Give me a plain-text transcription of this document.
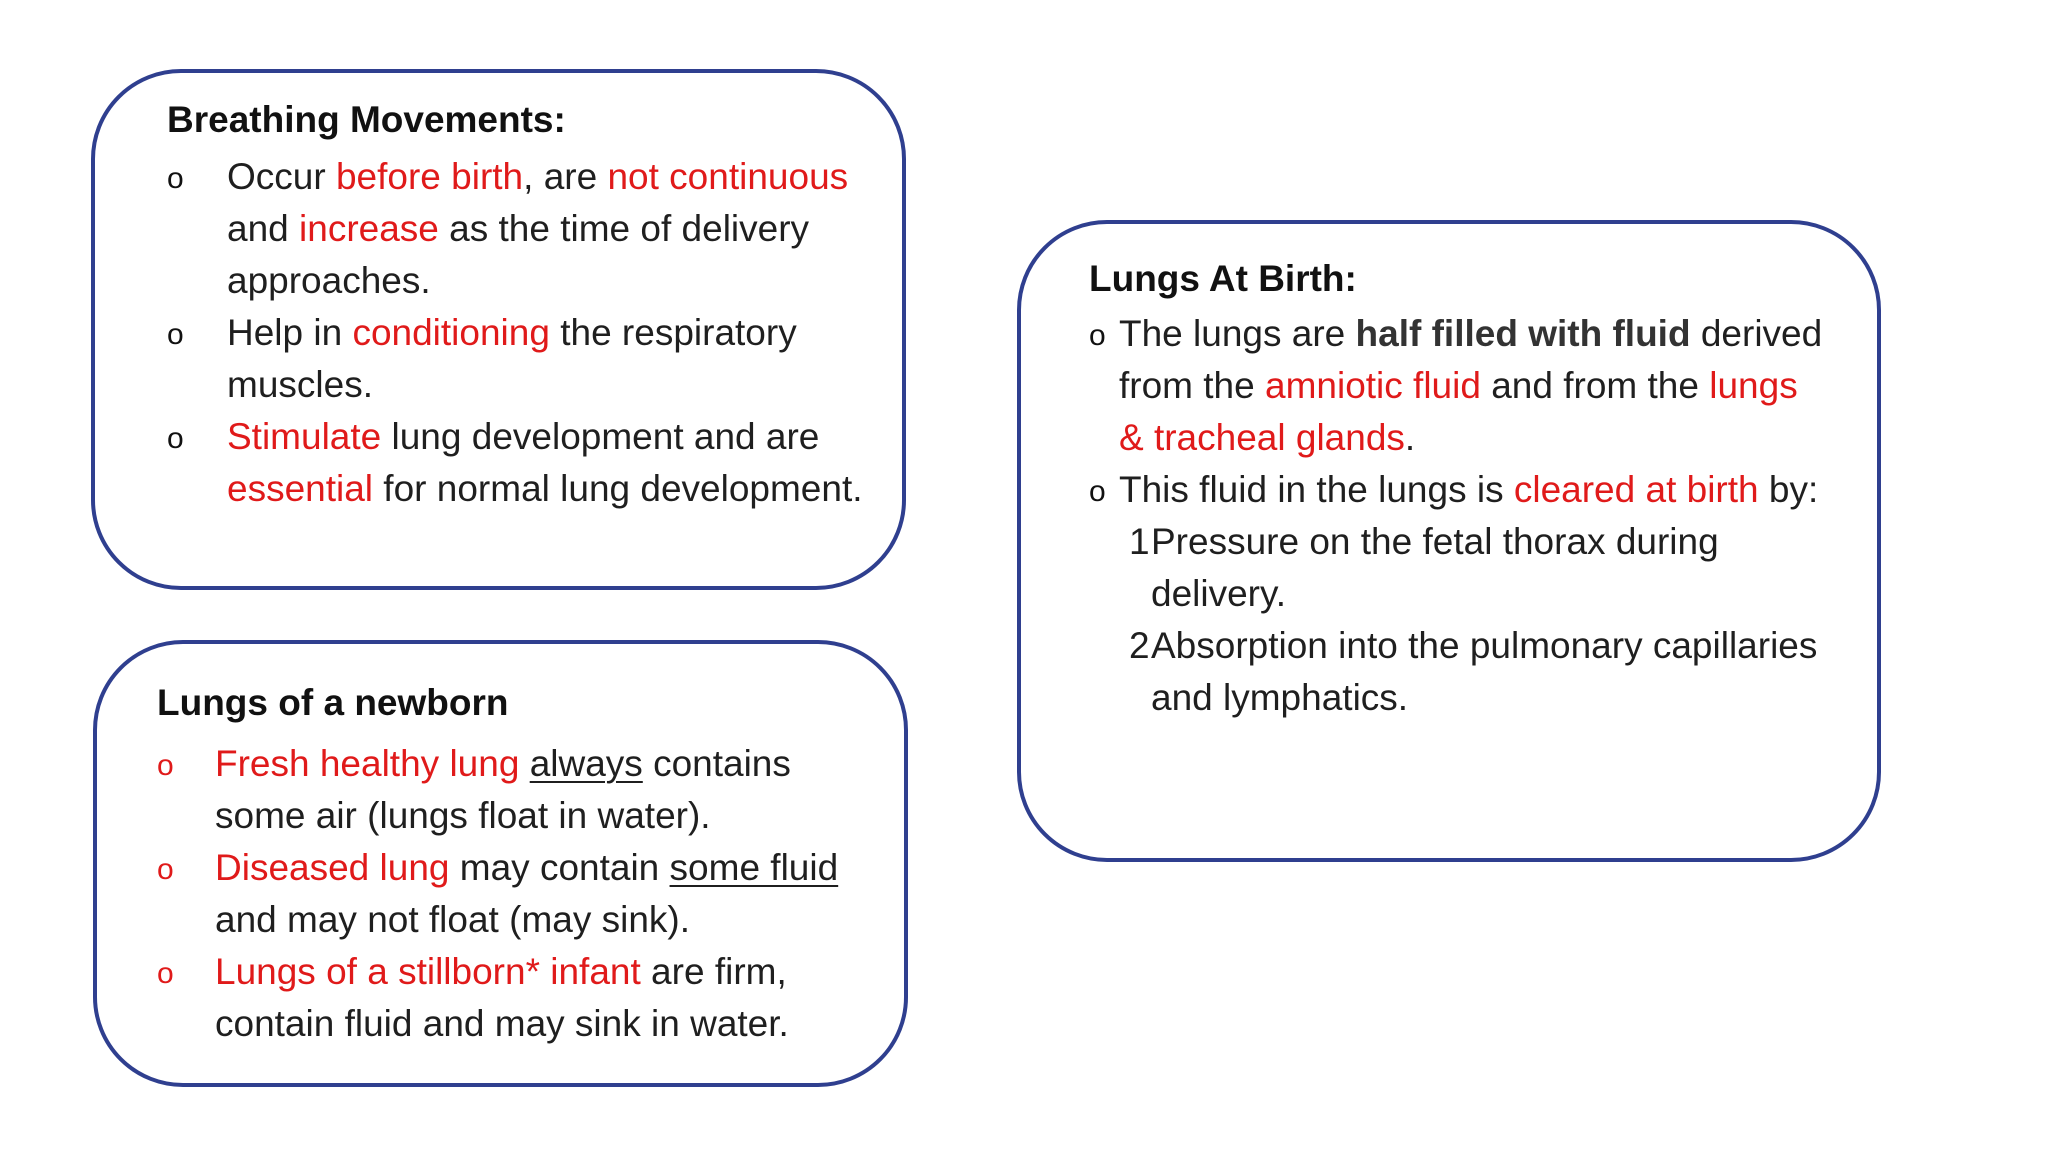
Breathing Movements:
o Occur before birth, are not continuous and increase as the time of delivery approaches.
o Help in conditioning the respiratory muscles.
o Stimulate lung development and are essential for normal lung development.
Lungs of a newborn
o Fresh healthy lung always contains some air (lungs float in water).
o Diseased lung may contain some fluid and may not float (may sink).
o Lungs of a stillborn* infant are firm, contain fluid and may sink in water.
Lungs At Birth:
o The lungs are half filled with fluid derived from the amniotic fluid and from the lungs & tracheal glands.
o This fluid in the lungs is cleared at birth by:
1 Pressure on the fetal thorax during delivery.
2 Absorption into the pulmonary capillaries and lymphatics.
